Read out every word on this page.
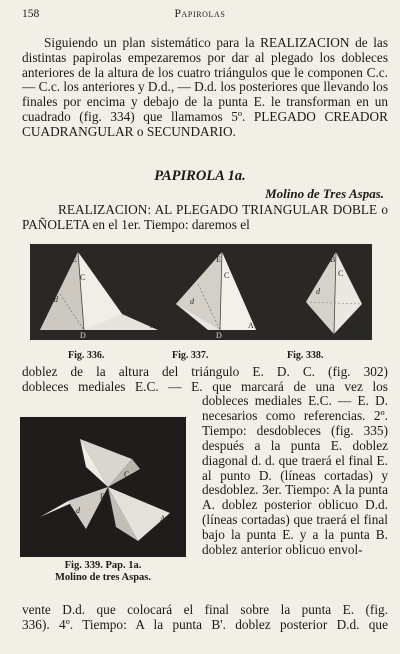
158	Papirolas
Siguiendo un plan sistemático para la REALIZACION de las distintas papirolas empezaremos por dar al plegado los dobleces anteriores de la altura de los cuatro triángulos que le componen C.c. — C.c. los anteriores y D.d., — D.d. los posteriores que llevando los finales por encima y debajo de la punta E. le transforman en un cuadrado (fig. 334) que llamamos 5º. PLEGADO CREADOR CUADRANGULAR o SECUNDARIO.
PAPIROLA 1a.
Molino de Tres Aspas.
REALIZACION: AL PLEGADO TRIANGULAR DOBLE o PAÑOLETA en el 1er. Tiempo: daremos el
E
C
d
D
A
E
C
D
d
A
B
C
d
A
Fig. 336.	Fig. 337.	Fig. 338.
doblez de la altura del triángulo E. D. C. (fig. 302)
dobleces mediales E.C. — E. que marcará de una vez los
dobleces mediales E.C. — E. D. necesarios como referencias. 2º. Tiempo: desdobleces (fig. 335) después a la punta E. doblez diagonal d. d. que traerá el final E. al punto D. (líneas cortadas) y desdoblez. 3er. Tiempo: A la punta A. doblez posterior oblicuo D.d. (líneas cortadas) que traerá el final bajo la punta E. y a la punta B. doblez anterior oblicuo envol-
B
C
E
A
d
Fig. 339. Pap. 1a.
Molino de tres Aspas.
vente D.d. que colocará el final sobre la punta E. (fig.
336). 4º. Tiempo: A la punta B'. doblez posterior D.d. que
